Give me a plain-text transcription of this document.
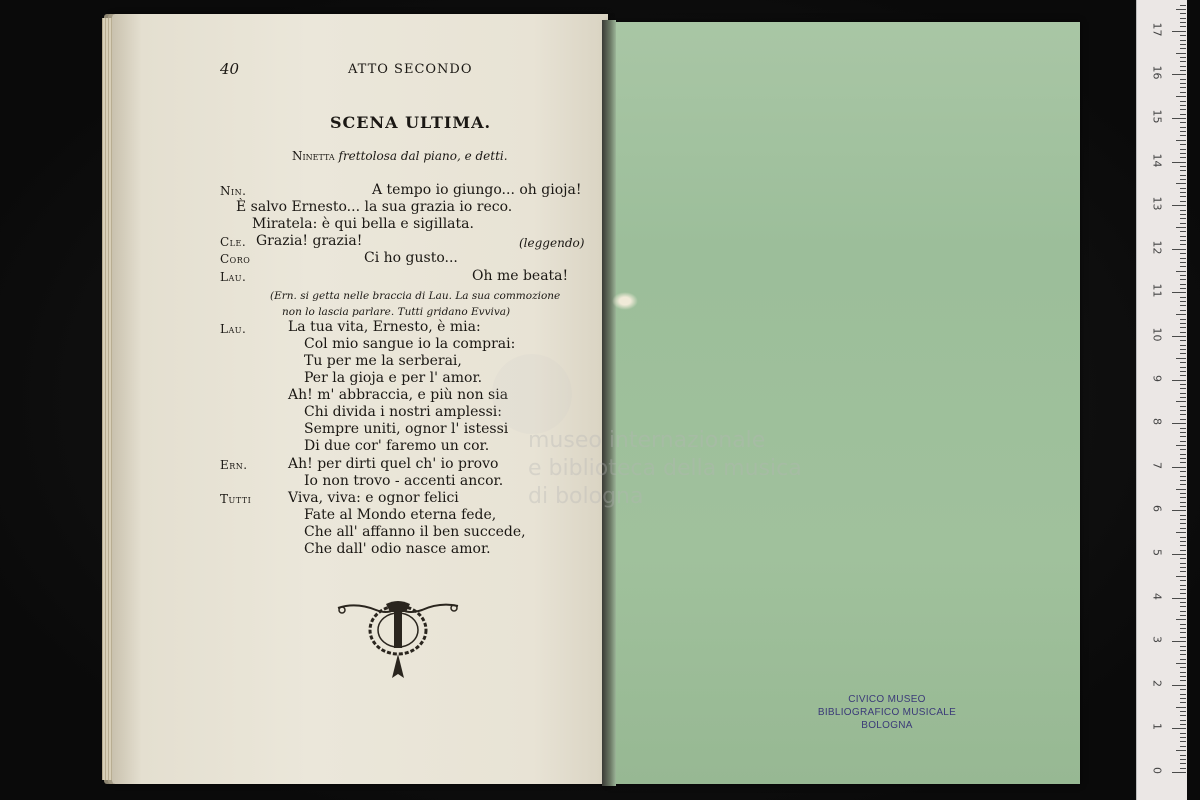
40	ATTO SECONDO
SCENA ULTIMA.
Ninetta frettolosa dal piano, e detti.
Nin.	A tempo io giungo... oh gioja!
È salvo Ernesto... la sua grazia io reco.
Miratela: è qui bella e sigillata.
Cle. Grazia! grazia!	(leggendo)
Coro	Ci ho gusto...
Lau.	Oh me beata!
(Ern. si getta nelle braccia di Lau. La sua commozione
non lo lascia parlare. Tutti gridano Evviva)
Lau.	La tua vita, Ernesto, è mia:
Col mio sangue io la comprai:
Tu per me la serberai,
Per la gioja e per l' amor.
Ah! m' abbraccia, e più non sia
Chi divida i nostri amplessi:
Sempre uniti, ognor l' istessi
Di due cor' faremo un cor.
Ern.	Ah! per dirti quel ch' io provo
Io non trovo - accenti ancor.
Tutti	Viva, viva: e ognor felici
Fate al Mondo eterna fede,
Che all' affanno il ben succede,
Che dall' odio nasce amor.
CIVICO MUSEO
BIBLIOGRAFICO MUSICALE
BOLOGNA
museo internazionale
e biblioteca della musica
di bologna
0
1
2
3
4
5
6
7
8
9
10
11
12
13
14
15
16
17
